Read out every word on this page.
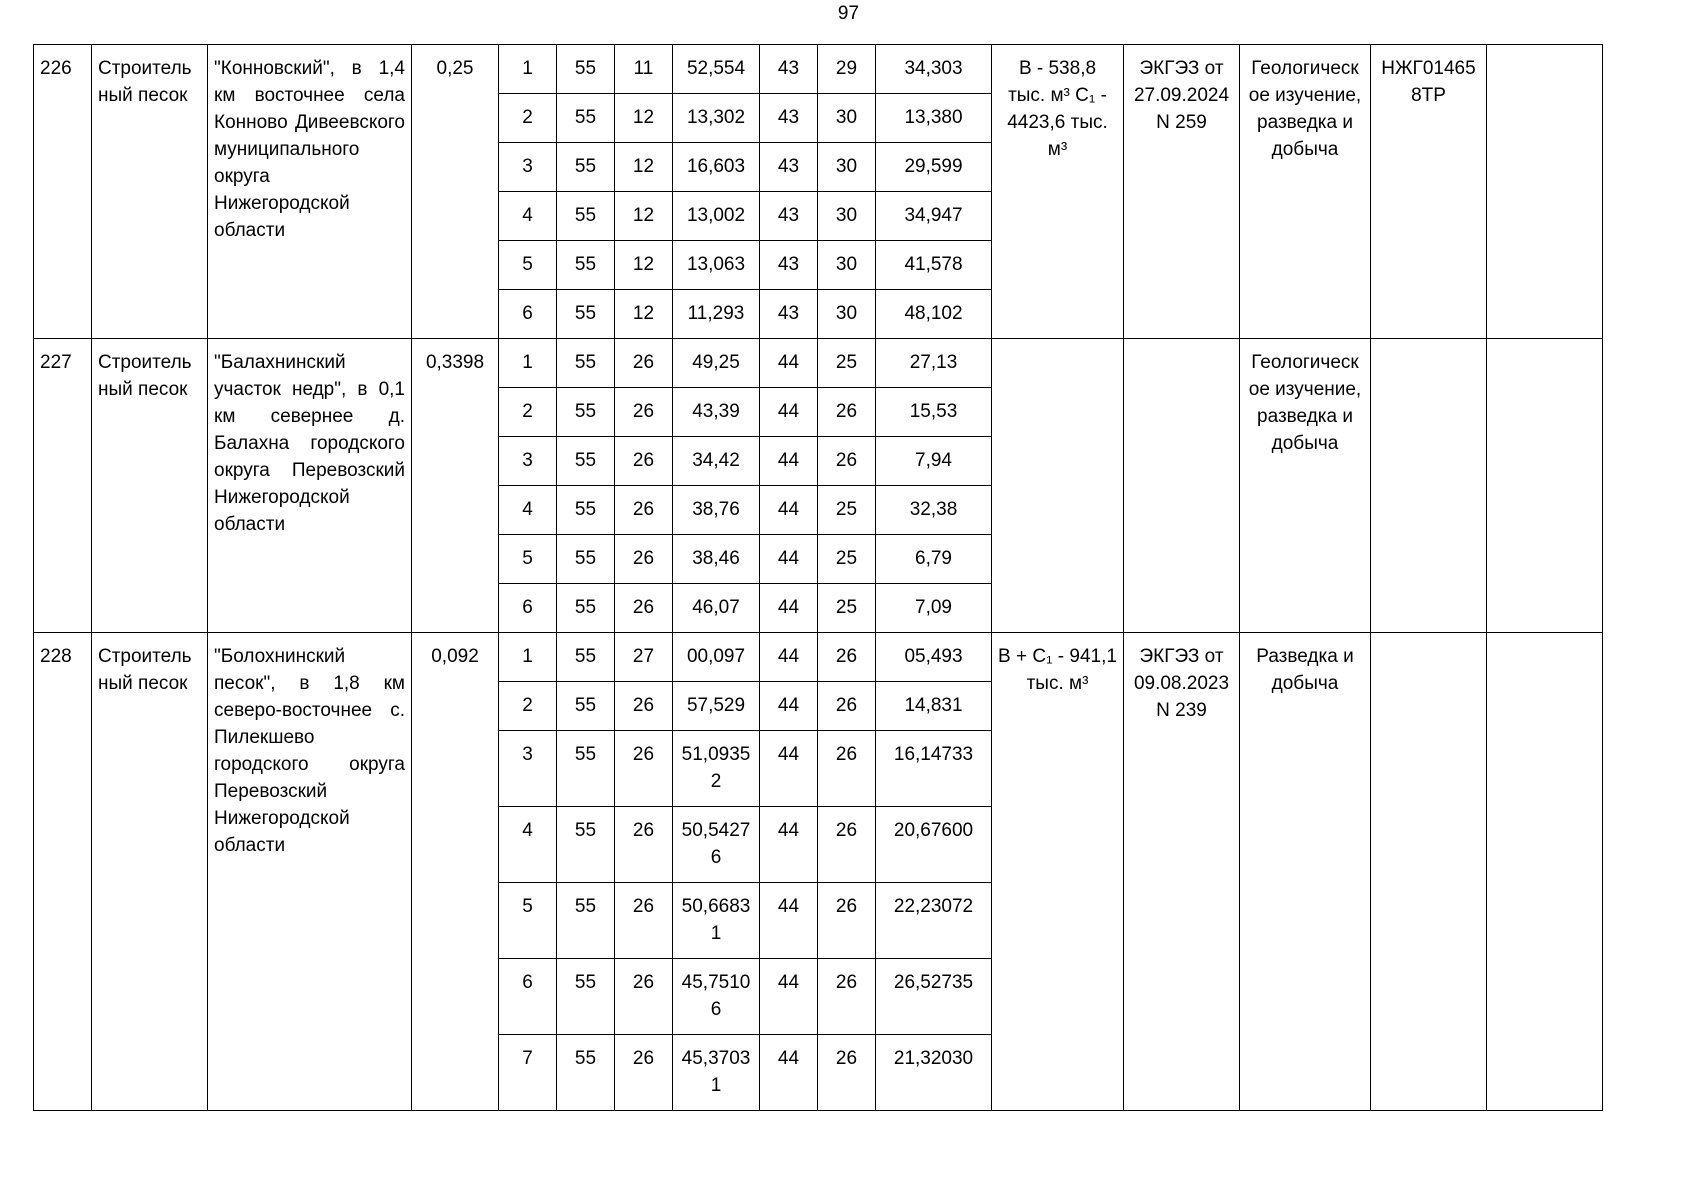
97
226	Строитель ный песок	"Конновский", в 1,4 км восточнее села Конново Дивеевского муниципального округа Нижегородской области	0,25	1	55	11	52,554	43	29	34,303	В - 538,8 тыс. м³ С₁ - 4423,6 тыс. м³	ЭКГЭЗ от 27.09.2024 N 259	Геологическ ое изучение, разведка и добыча	НЖГ01465 8ТР	
				2	55	12	13,302	43	30	13,380					
				3	55	12	16,603	43	30	29,599					
				4	55	12	13,002	43	30	34,947					
				5	55	12	13,063	43	30	41,578					
				6	55	12	11,293	43	30	48,102					
227	Строитель ный песок	"Балахнинский участок недр", в 0,1 км севернее д. Балахна городского округа Перевозский Нижегородской области	0,3398	1	55	26	49,25	44	25	27,13			Геологическ ое изучение, разведка и добыча		
				2	55	26	43,39	44	26	15,53					
				3	55	26	34,42	44	26	7,94					
				4	55	26	38,76	44	25	32,38					
				5	55	26	38,46	44	25	6,79					
				6	55	26	46,07	44	25	7,09					
228	Строитель ный песок	"Болохнинский песок", в 1,8 км северо-восточнее с. Пилекшево городского округа Перевозский Нижегородской области	0,092	1	55	27	00,097	44	26	05,493	В + С₁ - 941,1 тыс. м³	ЭКГЭЗ от 09.08.2023 N 239	Разведка и добыча		
				2	55	26	57,529	44	26	14,831					
				3	55	26	51,0935 2	44	26	16,14733					
				4	55	26	50,5427 6	44	26	20,67600					
				5	55	26	50,6683 1	44	26	22,23072					
				6	55	26	45,7510 6	44	26	26,52735					
				7	55	26	45,3703 1	44	26	21,32030					
